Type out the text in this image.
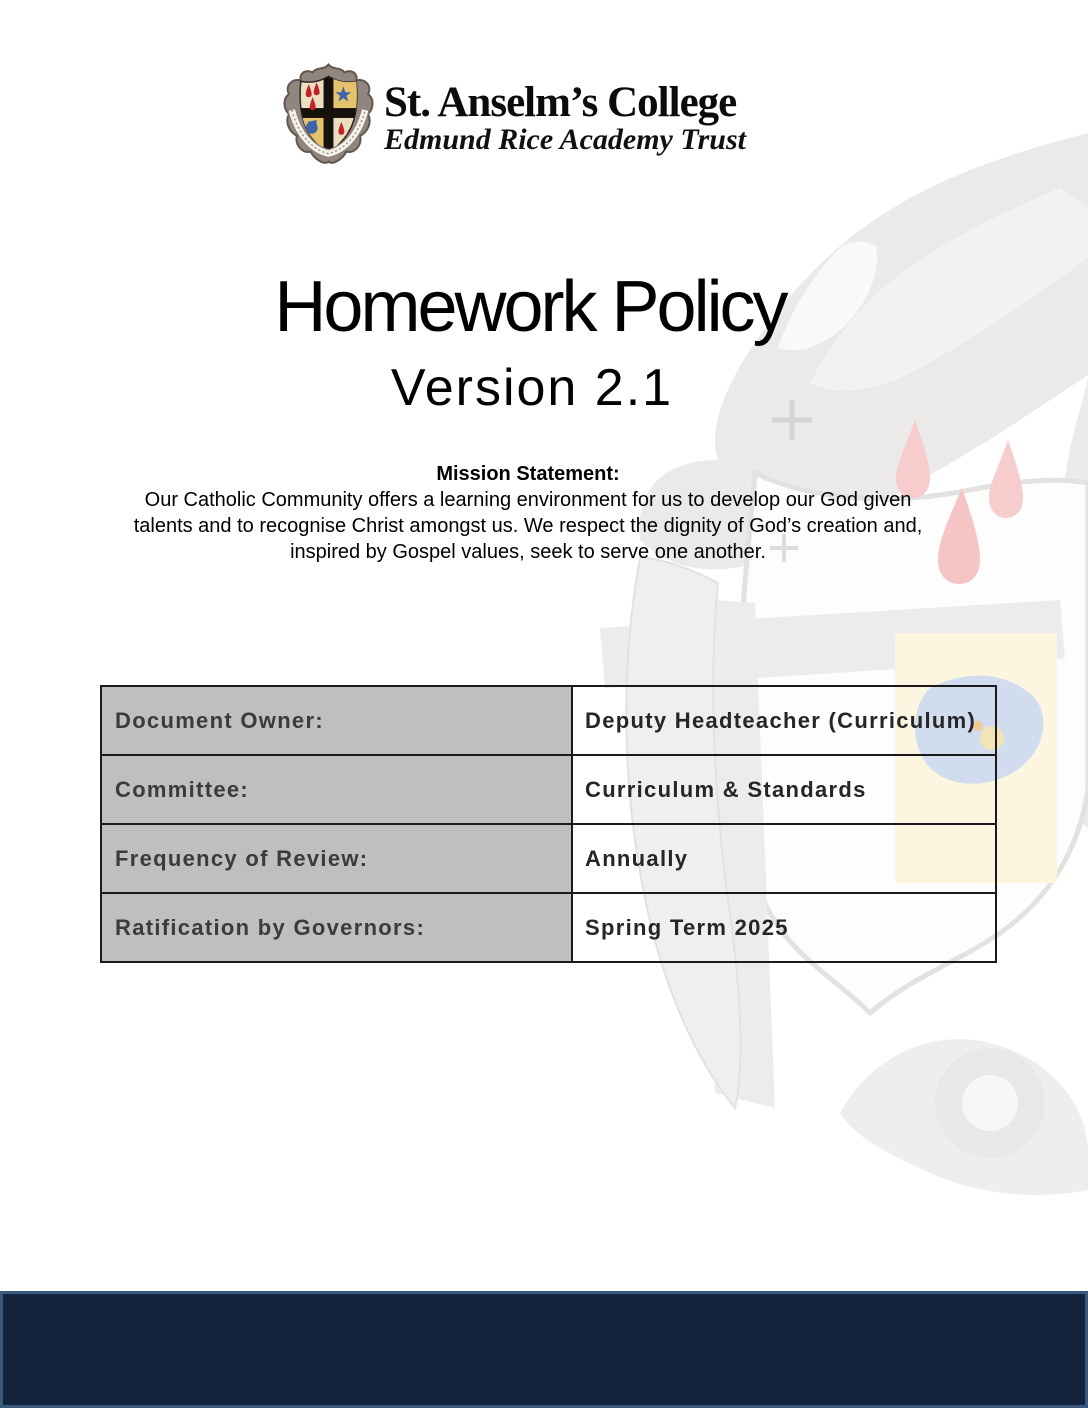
St. Anselm’s College
Edmund Rice Academy Trust
Homework Policy
Version 2.1
Mission Statement:
Our Catholic Community offers a learning environment for us to develop our God given
talents and to recognise Christ amongst us. We respect the dignity of God’s creation and,
inspired by Gospel values, seek to serve one another.
Document Owner:	Deputy Headteacher (Curriculum)
Committee:	Curriculum & Standards
Frequency of Review:	Annually
Ratification by Governors:	Spring Term 2025
